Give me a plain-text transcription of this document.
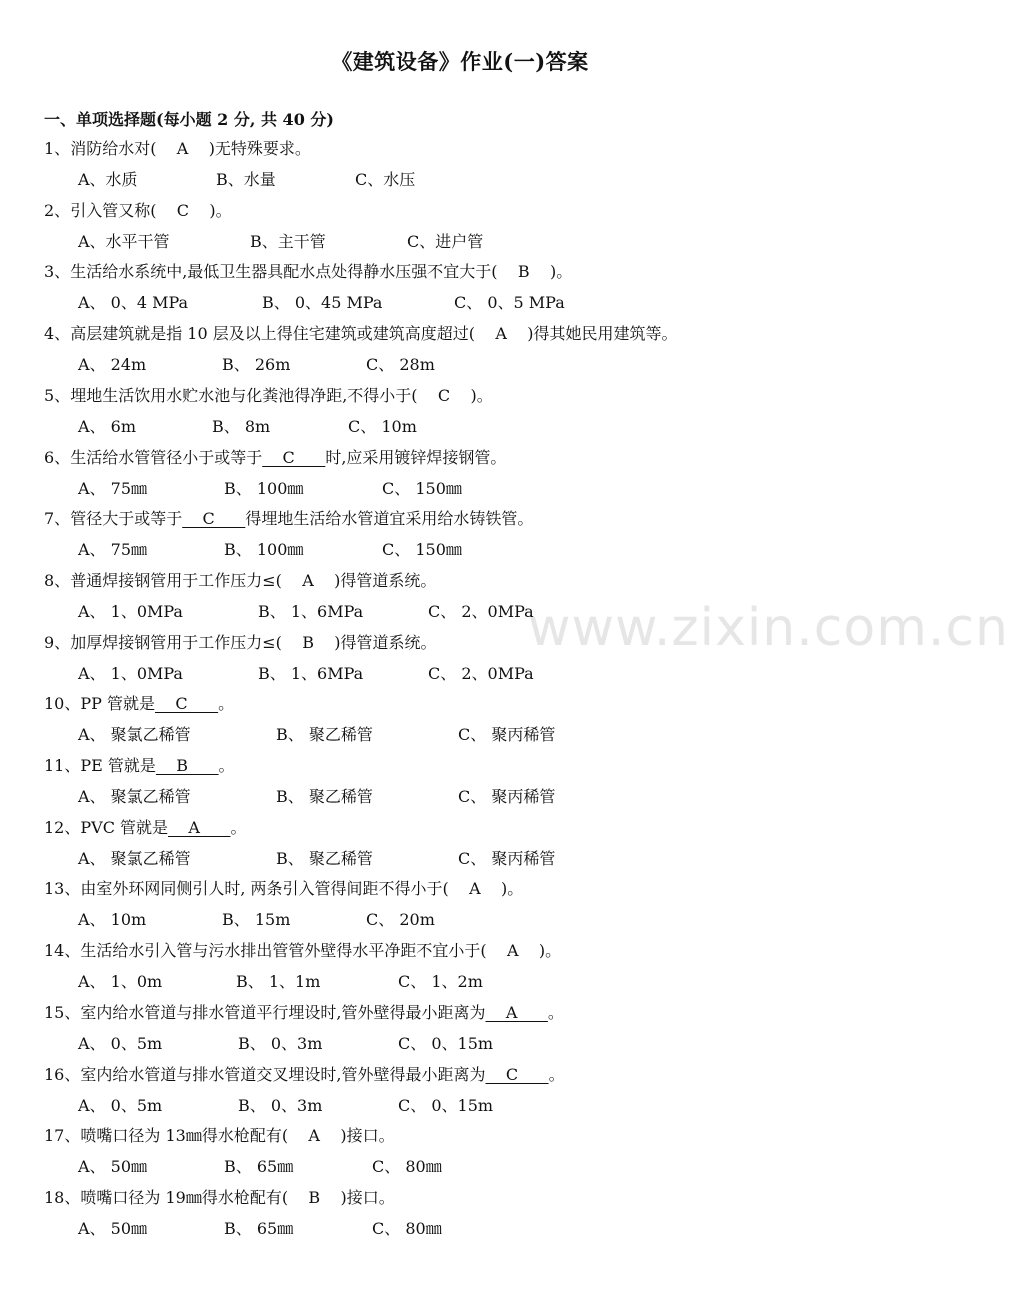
www.zixin.com.cn
《建筑设备》作业(一)答案
一、单项选择题(每小题 2 分, 共 40 分)
1、消防给水对(    A    )无特殊要求。
A、水质	B、水量	C、水压
2、引入管又称(    C    )。
A、水平干管	B、主干管	C、进户管
3、生活给水系统中,最低卫生器具配水点处得静水压强不宜大于(    B    )。
A、 0、4 MPa	B、 0、45 MPa	C、 0、5 MPa
4、高层建筑就是指 10 层及以上得住宅建筑或建筑高度超过(    A    )得其她民用建筑等。
A、 24m	B、 26m	C、 28m
5、埋地生活饮用水贮水池与化粪池得净距,不得小于(    C    )。
A、 6m	B、 8m	C、 10m
6、生活给水管管径小于或等于    C      时,应采用镀锌焊接钢管。
A、 75㎜	B、 100㎜	C、 150㎜
7、管径大于或等于    C      得埋地生活给水管道宜采用给水铸铁管。
A、 75㎜	B、 100㎜	C、 150㎜
8、普通焊接钢管用于工作压力≤(    A    )得管道系统。
A、 1、0MPa	B、 1、6MPa	C、 2、0MPa
9、加厚焊接钢管用于工作压力≤(    B    )得管道系统。
A、 1、0MPa	B、 1、6MPa	C、 2、0MPa
10、PP 管就是    C      。
A、 聚氯乙稀管	B、 聚乙稀管	C、 聚丙稀管
11、PE 管就是    B      。
A、 聚氯乙稀管	B、 聚乙稀管	C、 聚丙稀管
12、PVC 管就是    A      。
A、 聚氯乙稀管	B、 聚乙稀管	C、 聚丙稀管
13、由室外环网同侧引人时, 两条引入管得间距不得小于(    A    )。
A、 10m	B、 15m	C、 20m
14、生活给水引入管与污水排出管管外壁得水平净距不宜小于(    A    )。
A、 1、0m	B、 1、1m	C、 1、2m
15、室内给水管道与排水管道平行埋设时,管外壁得最小距离为    A      。
A、 0、5m	B、 0、3m	C、 0、15m
16、室内给水管道与排水管道交叉埋设时,管外壁得最小距离为    C      。
A、 0、5m	B、 0、3m	C、 0、15m
17、喷嘴口径为 13㎜得水枪配有(    A    )接口。
A、 50㎜	B、 65㎜	C、 80㎜
18、喷嘴口径为 19㎜得水枪配有(    B    )接口。
A、 50㎜	B、 65㎜	C、 80㎜
